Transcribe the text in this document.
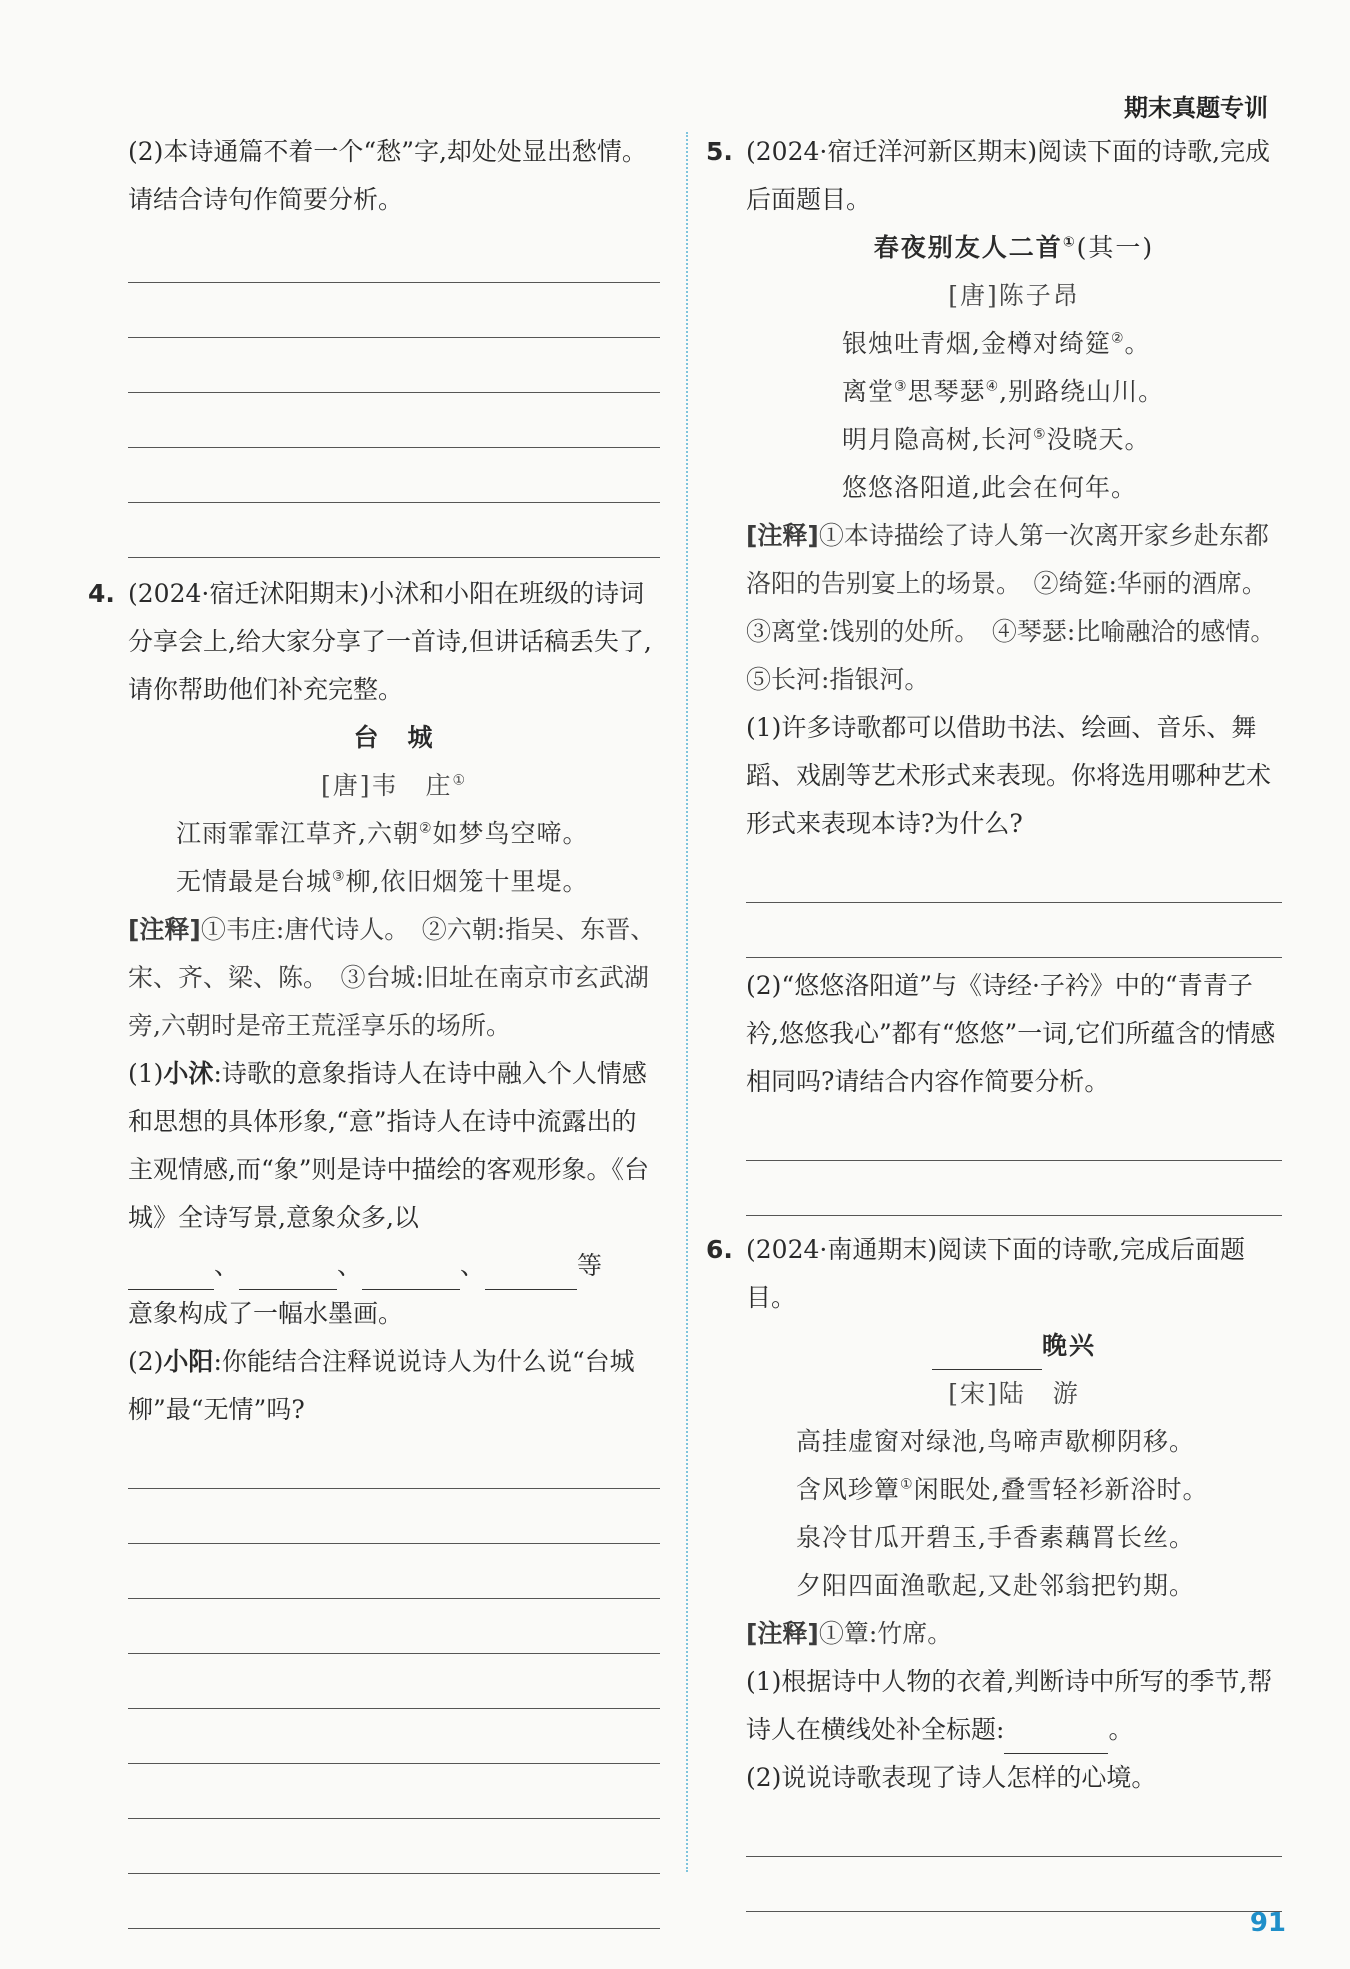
期末真题专训

(2)本诗通篇不着一个“愁”字,却处处显出愁情。请结合诗句作简要分析。

4. (2024·宿迁沭阳期末)小沭和小阳在班级的诗词分享会上,给大家分享了一首诗,但讲话稿丢失了,请你帮助他们补充完整。

台　城

[唐]韦　庄①

江雨霏霏江草齐,六朝②如梦鸟空啼。

无情最是台城③柳,依旧烟笼十里堤。

[注释]①韦庄:唐代诗人。　②六朝:指吴、东晋、宋、齐、梁、陈。　③台城:旧址在南京市玄武湖旁,六朝时是帝王荒淫享乐的场所。

(1)小沭:诗歌的意象指诗人在诗中融入个人情感和思想的具体形象,“意”指诗人在诗中流露出的主观情感,而“象”则是诗中描绘的客观形象。《台城》全诗写景,意象众多,以

、	、	、	等

意象构成了一幅水墨画。

(2)小阳:你能结合注释说说诗人为什么说“台城柳”最“无情”吗?

5. (2024·宿迁洋河新区期末)阅读下面的诗歌,完成后面题目。

春夜别友人二首①(其一)

[唐]陈子昂

银烛吐青烟,金樽对绮筵②。

离堂③思琴瑟④,别路绕山川。

明月隐高树,长河⑤没晓天。

悠悠洛阳道,此会在何年。

[注释]①本诗描绘了诗人第一次离开家乡赴东都洛阳的告别宴上的场景。　②绮筵:华丽的酒席。　③离堂:饯别的处所。　④琴瑟:比喻融洽的感情。　⑤长河:指银河。

(1)许多诗歌都可以借助书法、绘画、音乐、舞蹈、戏剧等艺术形式来表现。你将选用哪种艺术形式来表现本诗?为什么?

(2)“悠悠洛阳道”与《诗经·子衿》中的“青青子衿,悠悠我心”都有“悠悠”一词,它们所蕴含的情感相同吗?请结合内容作简要分析。

6. (2024·南通期末)阅读下面的诗歌,完成后面题目。

晚兴

[宋]陆　游

高挂虚窗对绿池,鸟啼声歇柳阴移。

含风珍簟①闲眠处,叠雪轻衫新浴时。

泉冷甘瓜开碧玉,手香素藕罥长丝。

夕阳四面渔歌起,又赴邻翁把钓期。

[注释]①簟:竹席。

(1)根据诗中人物的衣着,判断诗中所写的季节,帮诗人在横线处补全标题:	。

(2)说说诗歌表现了诗人怎样的心境。

91
